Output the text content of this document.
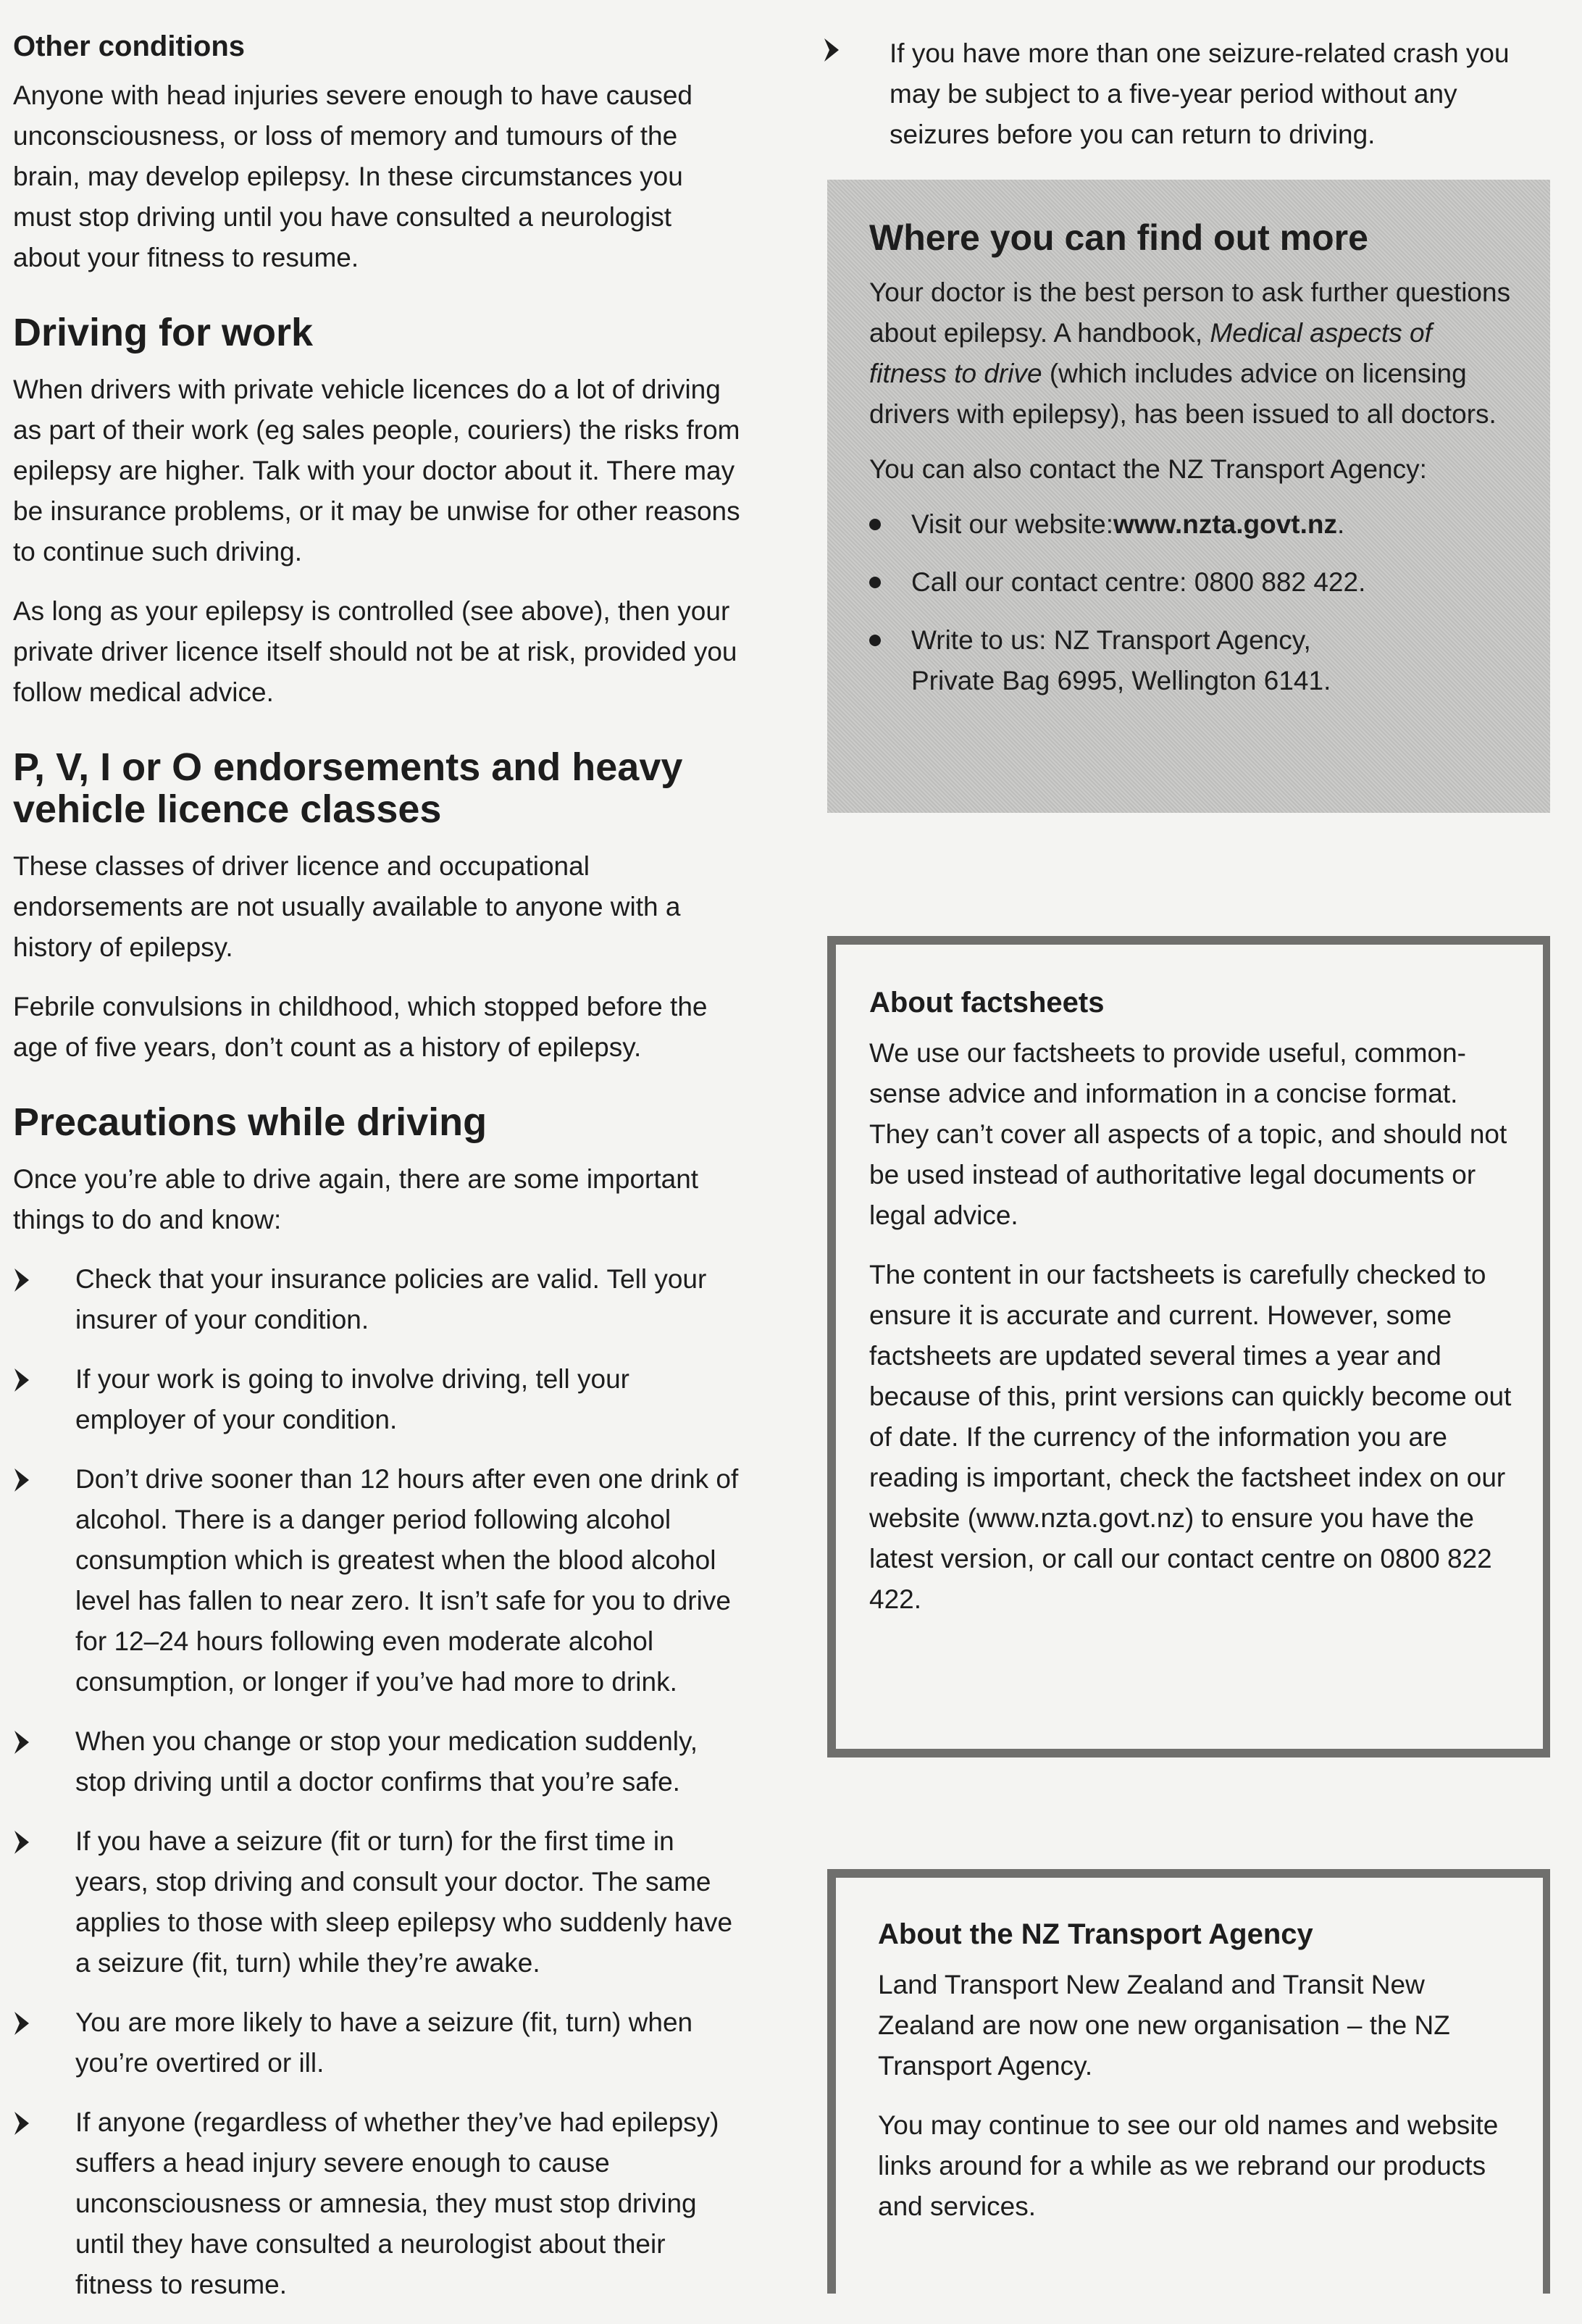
Other conditions

Anyone with head injuries severe enough to have caused unconsciousness, or loss of memory and tumours of the brain, may develop epilepsy. In these circumstances you must stop driving until you have consulted a neurologist about your fitness to resume.

Driving for work

When drivers with private vehicle licences do a lot of driving as part of their work (eg sales people, couriers) the risks from epilepsy are higher. Talk with your doctor about it. There may be insurance problems, or it may be unwise for other reasons to continue such driving.

As long as your epilepsy is controlled (see above), then your private driver licence itself should not be at risk, provided you follow medical advice.

P, V, I or O endorsements and heavy vehicle licence classes

These classes of driver licence and occupational endorsements are not usually available to anyone with a history of epilepsy.

Febrile convulsions in childhood, which stopped before the age of five years, don’t count as a history of epilepsy.

Precautions while driving

Once you’re able to drive again, there are some important things to do and know:

Check that your insurance policies are valid. Tell your insurer of your condition.
If your work is going to involve driving, tell your employer of your condition.
Don’t drive sooner than 12 hours after even one drink of alcohol. There is a danger period following alcohol consumption which is greatest when the blood alcohol level has fallen to near zero. It isn’t safe for you to drive for 12–24 hours following even moderate alcohol consumption, or longer if you’ve had more to drink.
When you change or stop your medication suddenly, stop driving until a doctor confirms that you’re safe.
If you have a seizure (fit or turn) for the first time in years, stop driving and consult your doctor. The same applies to those with sleep epilepsy who suddenly have a seizure (fit, turn) while they’re awake.
You are more likely to have a seizure (fit, turn) when you’re overtired or ill.
If anyone (regardless of whether they’ve had epilepsy) suffers a head injury severe enough to cause unconsciousness or amnesia, they must stop driving until they have consulted a neurologist about their fitness to resume.
If you have more than one seizure-related crash you may be subject to a five-year period without any seizures before you can return to driving.
Where you can find out more

Your doctor is the best person to ask further questions about epilepsy. A handbook, Medical aspects of fitness to drive (which includes advice on licensing drivers with epilepsy), has been issued to all doctors.

You can also contact the NZ Transport Agency:

Visit our website:www.nzta.govt.nz.
Call our contact centre: 0800 882 422.
Write to us: NZ Transport Agency,
Private Bag 6995, Wellington 6141.
About factsheets

We use our factsheets to provide useful, common-sense advice and information in a concise format. They can’t cover all aspects of a topic, and should not be used instead of authoritative legal documents or legal advice.

The content in our factsheets is carefully checked to ensure it is accurate and current. However, some factsheets are updated several times a year and because of this, print versions can quickly become out of date. If the currency of the information you are reading is important, check the factsheet index on our website (www.nzta.govt.nz) to ensure you have the latest version, or call our contact centre on 0800 822 422.

About the NZ Transport Agency

Land Transport New Zealand and Transit New Zealand are now one new organisation – the NZ Transport Agency.

You may continue to see our old names and website links around for a while as we rebrand our products and services.
